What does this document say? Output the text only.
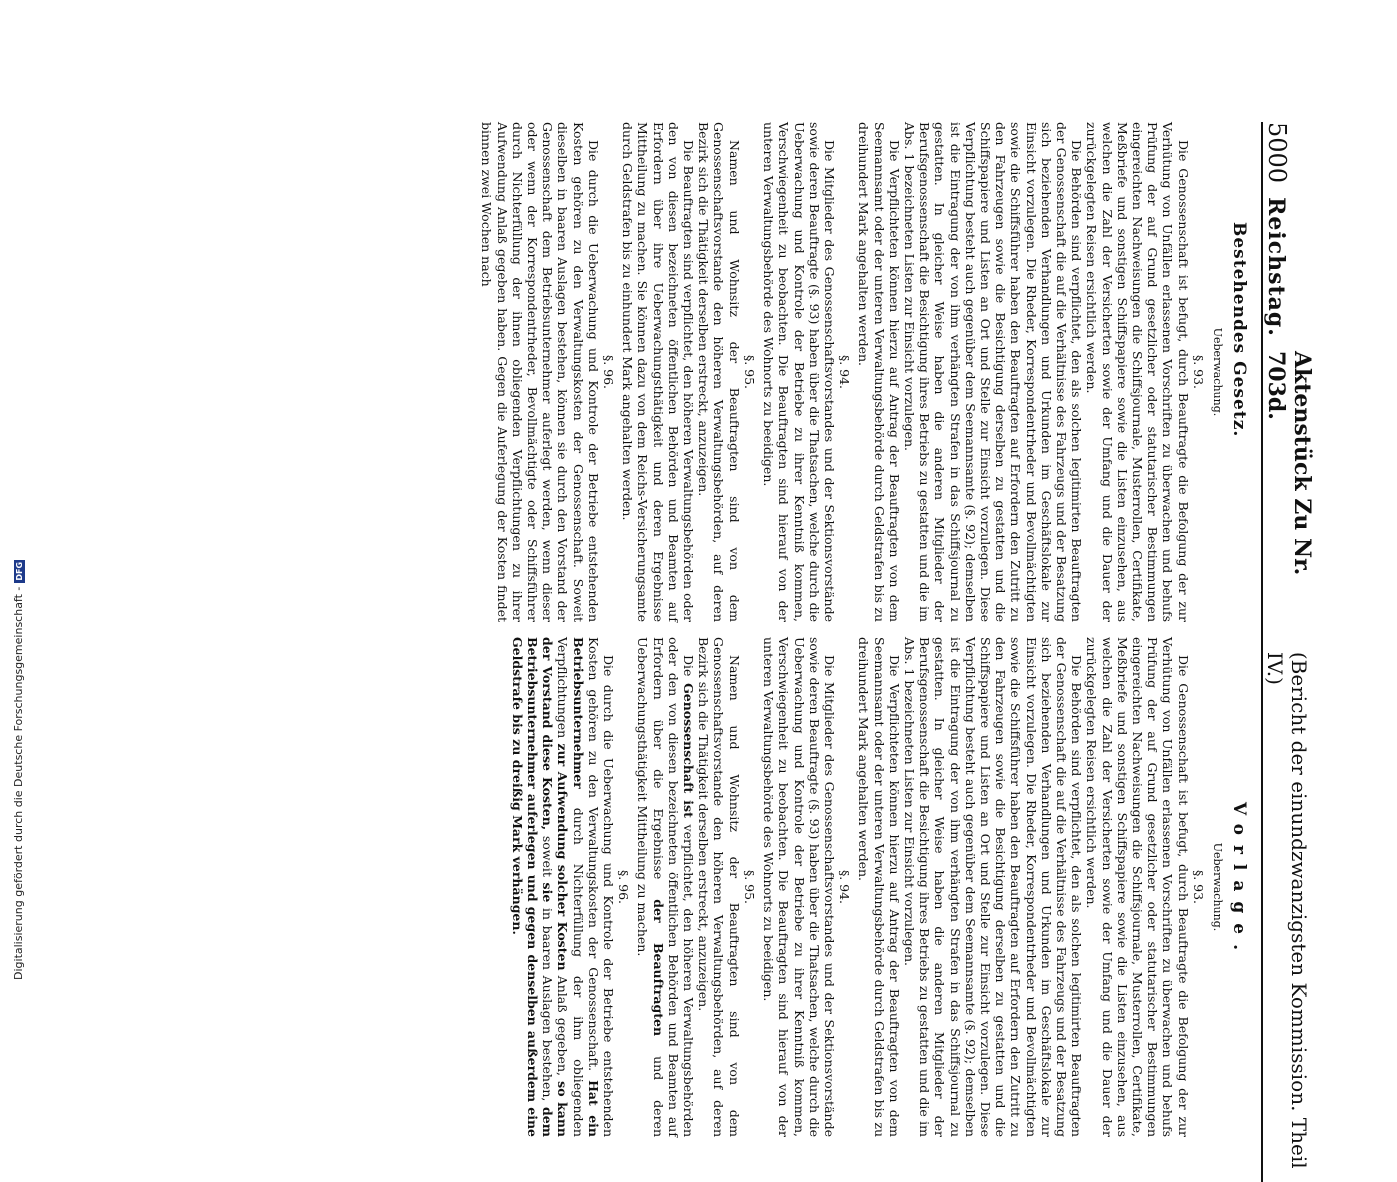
5000
Reichstag.
Aktenstück Zu Nr. 703d.
(Bericht der einundzwanzigsten Kommission. Theil IV.)
Bestehendes Gesetz.
Vorlage.

Ueberwachung.

§. 93.

Die Genossenschaft ist befugt, durch Beauftragte die Befolgung der zur Verhütung von Unfällen erlassenen Vorschriften zu überwachen und behufs Prüfung der auf Grund gesetzlicher oder statutarischer Bestimmungen eingereichten Nachweisungen die Schiffsjournale, Musterrollen, Certifikate, Meßbriefe und sonstigen Schiffspapiere sowie die Listen einzusehen, aus welchen die Zahl der Versicherten sowie der Umfang und die Dauer der zurückgelegten Reisen ersichtlich werden.

Die Behörden sind verpflichtet, den als solchen legitimirten Beauftragten der Genossenschaft die auf die Verhältnisse des Fahrzeugs und der Besatzung sich beziehenden Verhandlungen und Urkunden im Geschäftslokale zur Einsicht vorzulegen. Die Rheder, Korrespondentrheder und Bevollmächtigten sowie die Schiffsführer haben den Beauftragten auf Erfordern den Zutritt zu den Fahrzeugen sowie die Besichtigung derselben zu gestatten und die Schiffspapiere und Listen an Ort und Stelle zur Einsicht vorzulegen. Diese Verpflichtung besteht auch gegenüber dem Seemannsamte (§. 92); demselben ist die Eintragung der von ihm verhängten Strafen in das Schiffsjournal zu gestatten. In gleicher Weise haben die anderen Mitglieder der Berufsgenossenschaft die Besichtigung ihres Betriebs zu gestatten und die im Abs. 1 bezeichneten Listen zur Einsicht vorzulegen.

Die Verpflichteten können hierzu auf Antrag der Beauftragten von dem Seemannsamt oder der unteren Verwaltungsbehörde durch Geldstrafen bis zu dreihundert Mark angehalten werden.

§. 94.

Die Mitglieder des Genossenschaftsvorstandes und der Sektionsvorstände sowie deren Beauftragte (§. 93) haben über die Thatsachen, welche durch die Ueberwachung und Kontrole der Betriebe zu ihrer Kenntniß kommen, Verschwiegenheit zu beobachten. Die Beauftragten sind hierauf von der unteren Verwaltungsbehörde des Wohnorts zu beeidigen.

§. 95.

Namen und Wohnsitz der Beauftragten sind von dem Genossenschaftsvorstande den höheren Verwaltungsbehörden, auf deren Bezirk sich die Thätigkeit derselben erstreckt, anzuzeigen.

Die Beauftragten sind verpflichtet, den höheren Verwaltungsbehörden oder den von diesen bezeichneten öffentlichen Behörden und Beamten auf Erfordern über ihre Ueberwachungsthätigkeit und deren Ergebnisse Mittheilung zu machen. Sie können dazu von dem Reichs-Versicherungsamte durch Geldstrafen bis zu einhundert Mark angehalten werden.

§. 96.

Die durch die Ueberwachung und Kontrole der Betriebe entstehenden Kosten gehören zu den Verwaltungskosten der Genossenschaft. Soweit dieselben in baaren Auslagen bestehen, können sie durch den Vorstand der Genossenschaft dem Betriebsunternehmer auferlegt werden, wenn dieser oder wenn der Korrespondentrheder, Bevollmächtigte oder Schiffsführer durch Nichterfüllung der ihnen obliegenden Verpflichtungen zu ihrer Aufwendung Anlaß gegeben haben. Gegen die Auferlegung der Kosten findet binnen zwei Wochen nach

Ueberwachung.

§. 93.

Die Genossenschaft ist befugt, durch Beauftragte die Befolgung der zur Verhütung von Unfällen erlassenen Vorschriften zu überwachen und behufs Prüfung der auf Grund gesetzlicher oder statutarischer Bestimmungen eingereichten Nachweisungen die Schiffsjournale, Musterrollen, Certifikate, Meßbriefe und sonstigen Schiffspapiere sowie die Listen einzusehen, aus welchen die Zahl der Versicherten sowie der Umfang und die Dauer der zurückgelegten Reisen ersichtlich werden.

Die Behörden sind verpflichtet, den als solchen legitimirten Beauftragten der Genossenschaft die auf die Verhältnisse des Fahrzeugs und der Besatzung sich beziehenden Verhandlungen und Urkunden im Geschäftslokale zur Einsicht vorzulegen. Die Rheder, Korrespondentrheder und Bevollmächtigten sowie die Schiffsführer haben den Beauftragten auf Erfordern den Zutritt zu den Fahrzeugen sowie die Besichtigung derselben zu gestatten und die Schiffspapiere und Listen an Ort und Stelle zur Einsicht vorzulegen. Diese Verpflichtung besteht auch gegenüber dem Seemannsamte (§. 92); demselben ist die Eintragung der von ihm verhängten Strafen in das Schiffsjournal zu gestatten. In gleicher Weise haben die anderen Mitglieder der Berufsgenossenschaft die Besichtigung ihres Betriebs zu gestatten und die im Abs. 1 bezeichneten Listen zur Einsicht vorzulegen.

Die Verpflichteten können hierzu auf Antrag der Beauftragten von dem Seemannsamt oder der unteren Verwaltungsbehörde durch Geldstrafen bis zu dreihundert Mark angehalten werden.

§. 94.

Die Mitglieder des Genossenschaftsvorstandes und der Sektionsvorstände sowie deren Beauftragte (§. 93) haben über die Thatsachen, welche durch die Ueberwachung und Kontrole der Betriebe zu ihrer Kenntniß kommen, Verschwiegenheit zu beobachten. Die Beauftragten sind hierauf von der unteren Verwaltungsbehörde des Wohnorts zu beeidigen.

§. 95.

Namen und Wohnsitz der Beauftragten sind von dem Genossenschaftsvorstande den höheren Verwaltungsbehörden, auf deren Bezirk sich die Thätigkeit derselben erstreckt, anzuzeigen.

Die Genossenschaft ist verpflichtet, den höheren Verwaltungsbehörden oder den von diesen bezeichneten öffentlichen Behörden und Beamten auf Erfordern über die Ergebnisse der Beauftragten und deren Ueberwachungsthätigkeit Mittheilung zu machen.

§. 96.

Die durch die Ueberwachung und Kontrole der Betriebe entstehenden Kosten gehören zu den Verwaltungskosten der Genossenschaft. Hat ein Betriebsunternehmer durch Nichterfüllung der ihm obliegenden Verpflichtungen zur Aufwendung solcher Kosten Anlaß gegeben, so kann der Vorstand diese Kosten, soweit sie in baaren Auslagen bestehen, dem Betriebsunternehmer auferlegen und gegen denselben außerdem eine Geldstrafe bis zu dreißig Mark verhängen.

Digitalisierung gefördert durch die Deutsche Forschungsgemeinschaft -DFG
